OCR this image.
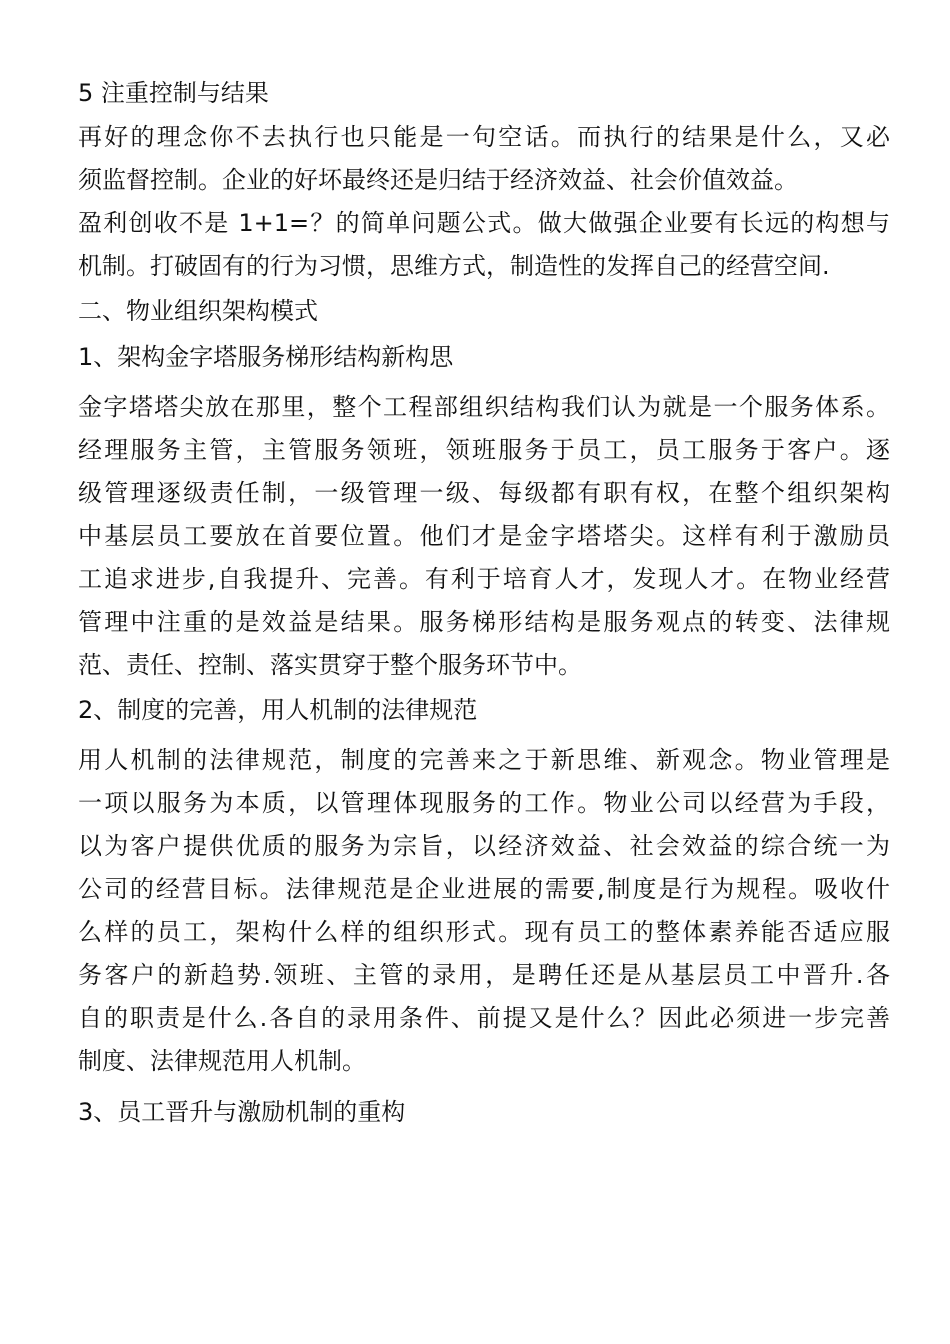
5 注重控制与结果
再好的理念你不去执行也只能是一句空话。而执行的结果是什么，又必
须监督控制。企业的好坏最终还是归结于经济效益、社会价值效益。
盈利创收不是 1+1=？的简单问题公式。做大做强企业要有长远的构想与
机制。打破固有的行为习惯，思维方式，制造性的发挥自己的经营空间.
二、物业组织架构模式
1、架构金字塔服务梯形结构新构思
金字塔塔尖放在那里，整个工程部组织结构我们认为就是一个服务体系。
经理服务主管，主管服务领班，领班服务于员工，员工服务于客户。逐
级管理逐级责任制，一级管理一级、每级都有职有权，在整个组织架构
中基层员工要放在首要位置。他们才是金字塔塔尖。这样有利于激励员
工追求进步,自我提升、完善。有利于培育人才，发现人才。在物业经营
管理中注重的是效益是结果。服务梯形结构是服务观点的转变、法律规
范、责任、控制、落实贯穿于整个服务环节中。
2、制度的完善，用人机制的法律规范
用人机制的法律规范，制度的完善来之于新思维、新观念。物业管理是
一项以服务为本质，以管理体现服务的工作。物业公司以经营为手段，
以为客户提供优质的服务为宗旨，以经济效益、社会效益的综合统一为
公司的经营目标。法律规范是企业进展的需要,制度是行为规程。吸收什
么样的员工，架构什么样的组织形式。现有员工的整体素养能否适应服
务客户的新趋势.领班、主管的录用，是聘任还是从基层员工中晋升.各
自的职责是什么.各自的录用条件、前提又是什么？因此必须进一步完善
制度、法律规范用人机制。
3、员工晋升与激励机制的重构
